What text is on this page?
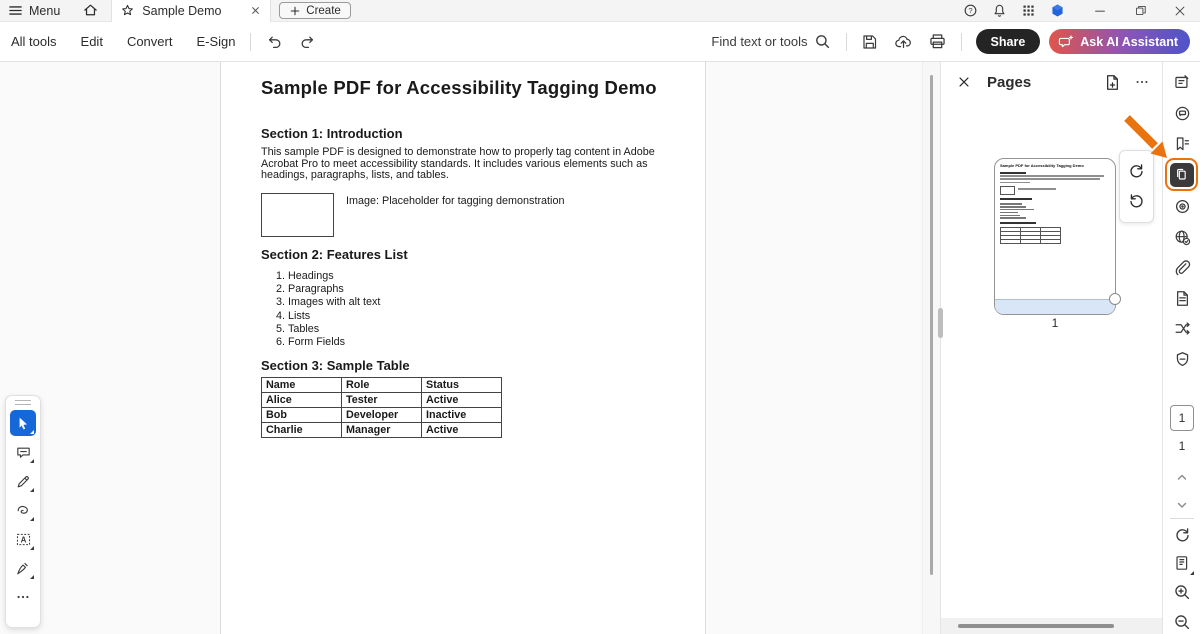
Menu	Sample Demo	Create	?
All tools Edit Convert E-Sign	Find text or tools	Share	Ask AI Assistant
Sample PDF for Accessibility Tagging Demo
Section 1: Introduction
This sample PDF is designed to demonstrate how to properly tag content in Adobe Acrobat Pro to meet accessibility standards. It includes various elements such as headings, paragraphs, lists, and tables.
Image: Placeholder for tagging demonstration
Section 2: Features List
1. Headings
2. Paragraphs
3. Images with alt text
4. Lists
5. Tables
6. Form Fields
Section 3: Sample Table
Name	Role	Status
Alice	Tester	Active
Bob	Developer	Inactive
Charlie	Manager	Active
A
Pages
Sample PDF for Accessibility Tagging Demo

1
1
1
